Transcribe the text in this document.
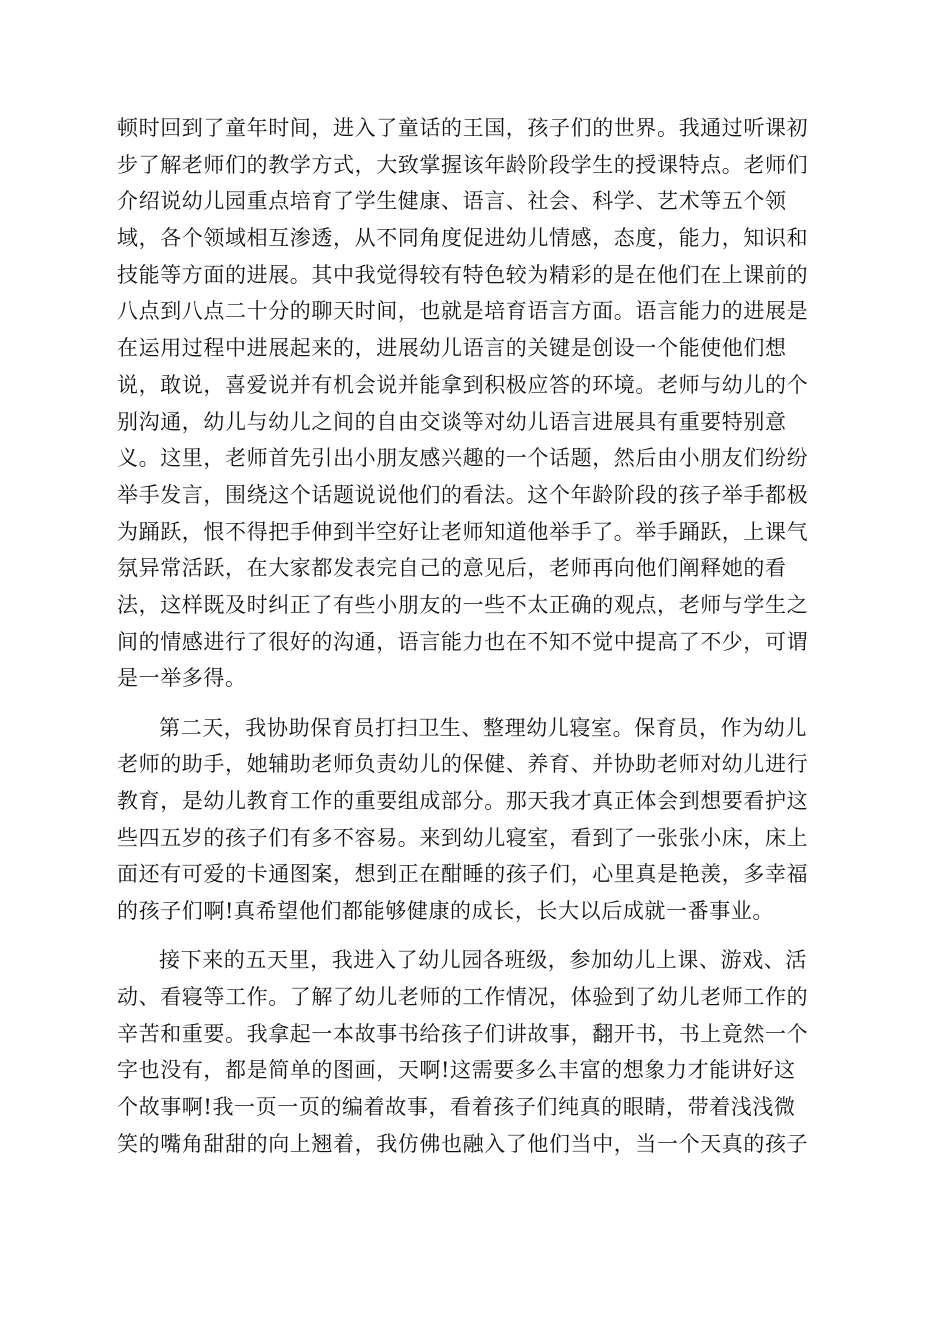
顿时回到了童年时间，进入了童话的王国，孩子们的世界。我通过听课初
步了解老师们的教学方式，大致掌握该年龄阶段学生的授课特点。老师们
介绍说幼儿园重点培育了学生健康、语言、社会、科学、艺术等五个领
域，各个领域相互渗透，从不同角度促进幼儿情感，态度，能力，知识和
技能等方面的进展。其中我觉得较有特色较为精彩的是在他们在上课前的
八点到八点二十分的聊天时间，也就是培育语言方面。语言能力的进展是
在运用过程中进展起来的，进展幼儿语言的关键是创设一个能使他们想
说，敢说，喜爱说并有机会说并能拿到积极应答的环境。老师与幼儿的个
别沟通，幼儿与幼儿之间的自由交谈等对幼儿语言进展具有重要特别意
义。这里，老师首先引出小朋友感兴趣的一个话题，然后由小朋友们纷纷
举手发言，围绕这个话题说说他们的看法。这个年龄阶段的孩子举手都极
为踊跃，恨不得把手伸到半空好让老师知道他举手了。举手踊跃，上课气
氛异常活跃，在大家都发表完自己的意见后，老师再向他们阐释她的看
法，这样既及时纠正了有些小朋友的一些不太正确的观点，老师与学生之
间的情感进行了很好的沟通，语言能力也在不知不觉中提高了不少，可谓
是一举多得。
第二天，我协助保育员打扫卫生、整理幼儿寝室。保育员，作为幼儿
老师的助手，她辅助老师负责幼儿的保健、养育、并协助老师对幼儿进行
教育，是幼儿教育工作的重要组成部分。那天我才真正体会到想要看护这
些四五岁的孩子们有多不容易。来到幼儿寝室，看到了一张张小床，床上
面还有可爱的卡通图案，想到正在酣睡的孩子们，心里真是艳羡，多幸福
的孩子们啊!真希望他们都能够健康的成长，长大以后成就一番事业。
接下来的五天里，我进入了幼儿园各班级，参加幼儿上课、游戏、活
动、看寝等工作。了解了幼儿老师的工作情况，体验到了幼儿老师工作的
辛苦和重要。我拿起一本故事书给孩子们讲故事，翻开书，书上竟然一个
字也没有，都是简单的图画，天啊!这需要多么丰富的想象力才能讲好这
个故事啊!我一页一页的编着故事，看着孩子们纯真的眼睛，带着浅浅微
笑的嘴角甜甜的向上翘着，我仿佛也融入了他们当中，当一个天真的孩子
